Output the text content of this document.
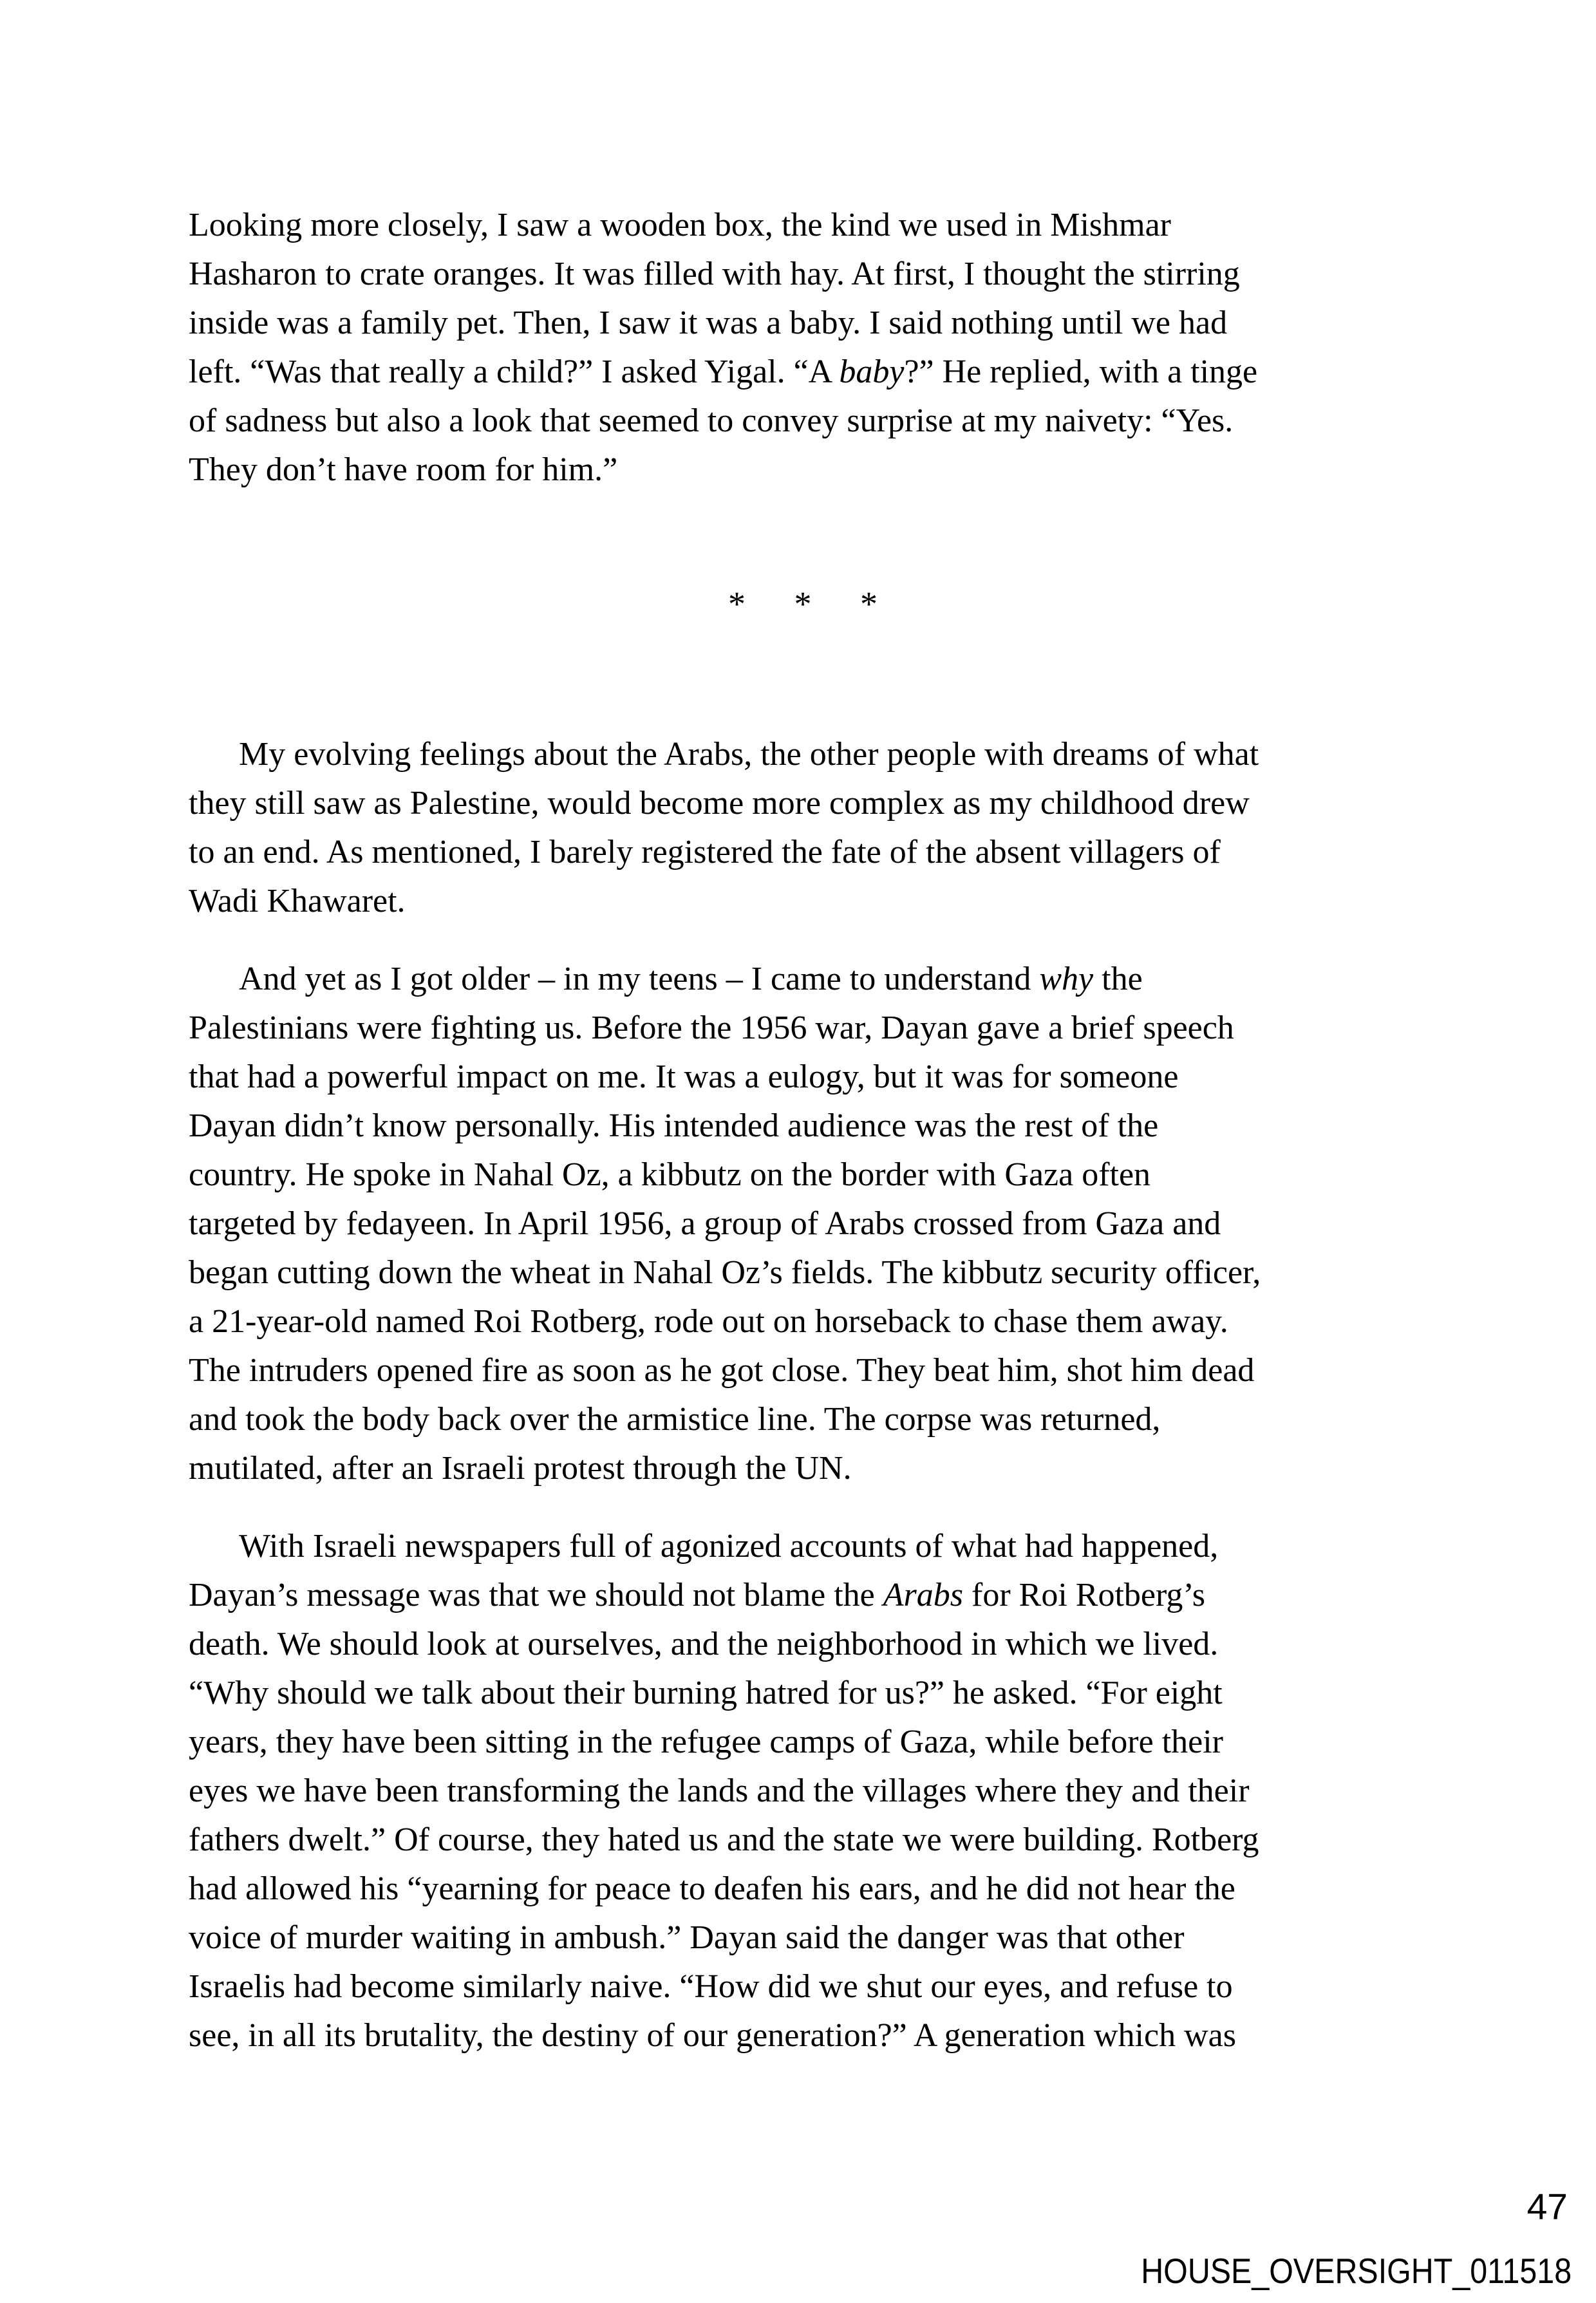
Looking more closely, I saw a wooden box, the kind we used in Mishmar
Hasharon to crate oranges. It was filled with hay. At first, I thought the stirring
inside was a family pet. Then, I saw it was a baby. I said nothing until we had
left. “Was that really a child?” I asked Yigal. “A baby?” He replied, with a tinge
of sadness but also a look that seemed to convey surprise at my naivety: “Yes.
They don’t have room for him.”
* * *
My evolving feelings about the Arabs, the other people with dreams of what
they still saw as Palestine, would become more complex as my childhood drew
to an end. As mentioned, I barely registered the fate of the absent villagers of
Wadi Khawaret.
And yet as I got older – in my teens – I came to understand why the
Palestinians were fighting us. Before the 1956 war, Dayan gave a brief speech
that had a powerful impact on me. It was a eulogy, but it was for someone
Dayan didn’t know personally. His intended audience was the rest of the
country. He spoke in Nahal Oz, a kibbutz on the border with Gaza often
targeted by fedayeen. In April 1956, a group of Arabs crossed from Gaza and
began cutting down the wheat in Nahal Oz’s fields. The kibbutz security officer,
a 21-year-old named Roi Rotberg, rode out on horseback to chase them away.
The intruders opened fire as soon as he got close. They beat him, shot him dead
and took the body back over the armistice line. The corpse was returned,
mutilated, after an Israeli protest through the UN.
With Israeli newspapers full of agonized accounts of what had happened,
Dayan’s message was that we should not blame the Arabs for Roi Rotberg’s
death. We should look at ourselves, and the neighborhood in which we lived.
“Why should we talk about their burning hatred for us?” he asked. “For eight
years, they have been sitting in the refugee camps of Gaza, while before their
eyes we have been transforming the lands and the villages where they and their
fathers dwelt.” Of course, they hated us and the state we were building. Rotberg
had allowed his “yearning for peace to deafen his ears, and he did not hear the
voice of murder waiting in ambush.” Dayan said the danger was that other
Israelis had become similarly naive. “How did we shut our eyes, and refuse to
see, in all its brutality, the destiny of our generation?” A generation which was
47
HOUSE_OVERSIGHT_011518
